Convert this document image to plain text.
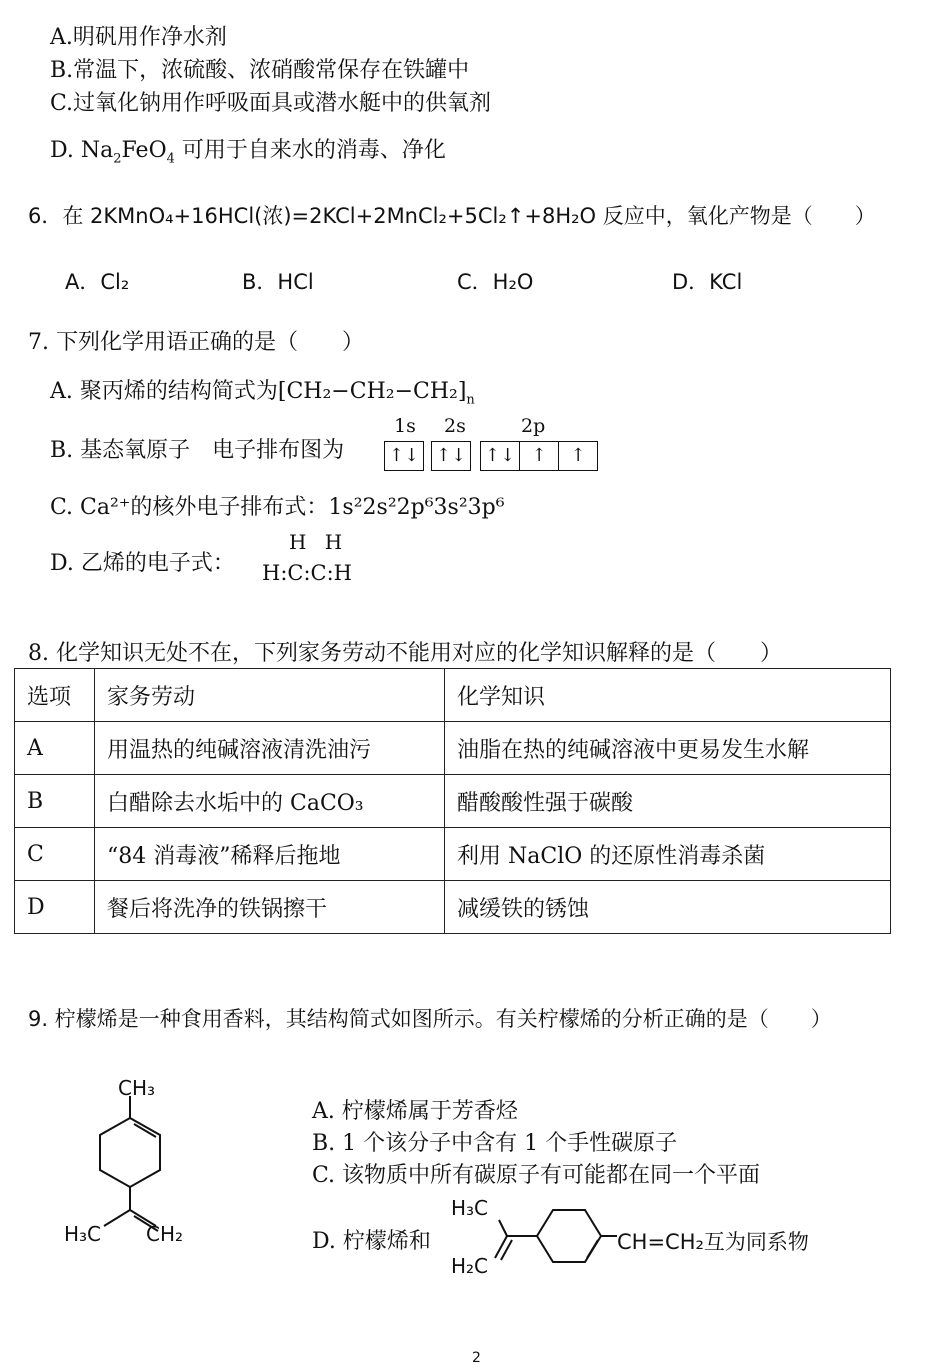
A.明矾用作净水剂
B.常温下，浓硫酸、浓硝酸常保存在铁罐中
C.过氧化钠用作呼吸面具或潜水艇中的供氧剂
D. $Na_2FeO_4$ 可用于自来水的消毒、净化
6．在 2KMnO₄+16HCl(浓)=2KCl+2MnCl₂+5Cl₂↑+8H₂O 反应中，氧化产物是（　　）
A．Cl₂	B．HCl	C．H₂O	D．KCl
7. 下列化学用语正确的是（　　）
A. 聚丙烯的结构简式为$[CH_2-CH_2-CH_2]_n$
B. 基态氧原子　电子排布图为
1s 2s	2p
↑↓ ↑↓ ↑↓ ↑	↑
C. Ca²⁺的核外电子排布式：1s²2s²2p⁶3s²3p⁶
D. 乙烯的电子式：
H H
H:C:C:H
8. 化学知识无处不在，下列家务劳动不能用对应的化学知识解释的是（　　）
选项	家务劳动	化学知识
A	用温热的纯碱溶液清洗油污	油脂在热的纯碱溶液中更易发生水解
B	白醋除去水垢中的 CaCO₃	醋酸酸性强于碳酸
C	“84 消毒液”稀释后拖地	利用 NaClO 的还原性消毒杀菌
D	餐后将洗净的铁锅擦干	减缓铁的锈蚀
9. 柠檬烯是一种食用香料，其结构简式如图所示。有关柠檬烯的分析正确的是（　　）
CH₃
H₃C CH₂
A. 柠檬烯属于芳香烃
B. 1 个该分子中含有 1 个手性碳原子
C. 该物质中所有碳原子有可能都在同一个平面
D. 柠檬烯和
H₃C
H₂C
CH=CH₂互为同系物
2
